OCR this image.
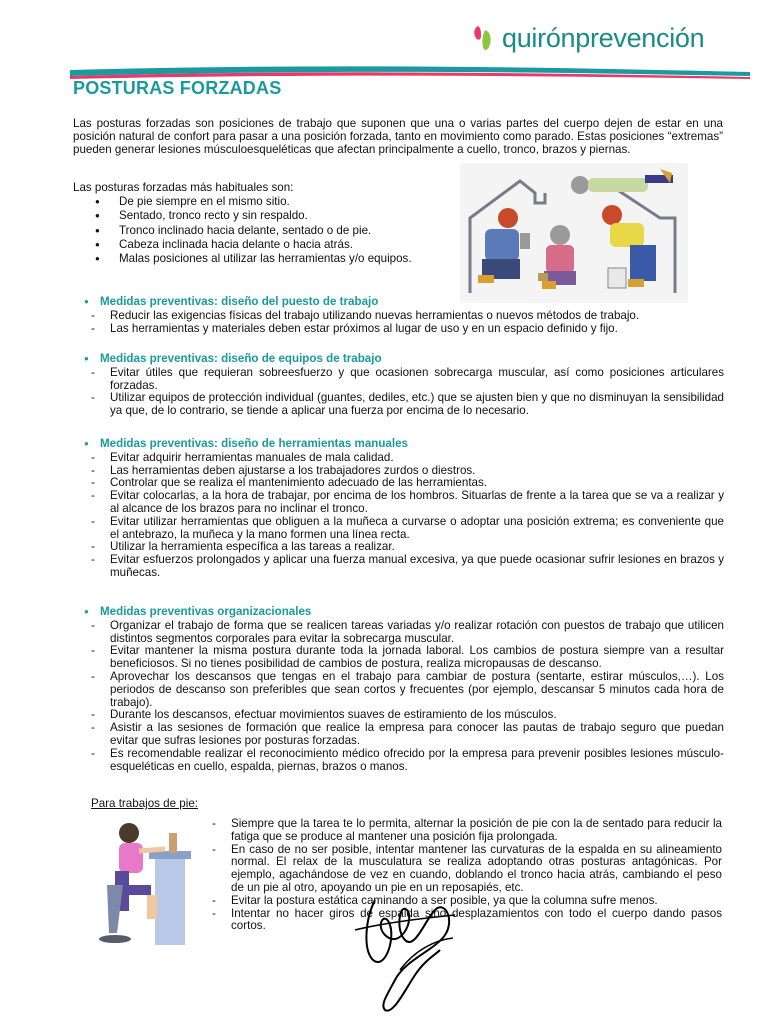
quirónprevención
POSTURAS FORZADAS
Las posturas forzadas son posiciones de trabajo que suponen que una o varias partes del cuerpo dejen de estar en una posición natural de confort para pasar a una posición forzada, tanto en movimiento como parado. Estas posiciones “extremas” pueden generar lesiones músculoesqueléticas que afectan principalmente a cuello, tronco, brazos y piernas.
Las posturas forzadas más habituales son:
● De pie siempre en el mismo sitio.
● Sentado, tronco recto y sin respaldo.
● Tronco inclinado hacia delante, sentado o de pie.
● Cabeza inclinada hacia delante o hacia atrás.
● Malas posiciones al utilizar las herramientas y/o equipos.
● Medidas preventivas: diseño del puesto de trabajo
- Reducir las exigencias físicas del trabajo utilizando nuevas herramientas o nuevos métodos de trabajo.
- Las herramientas y materiales deben estar próximos al lugar de uso y en un espacio definido y fijo.
● Medidas preventivas: diseño de equipos de trabajo
- Evitar útiles que requieran sobreesfuerzo y que ocasionen sobrecarga muscular, así como posiciones articulares forzadas.
- Utilizar equipos de protección individual (guantes, dediles, etc.) que se ajusten bien y que no disminuyan la sensibilidad ya que, de lo contrario, se tiende a aplicar una fuerza por encima de lo necesario.
● Medidas preventivas: diseño de herramientas manuales
- Evitar adquirir herramientas manuales de mala calidad.
- Las herramientas deben ajustarse a los trabajadores zurdos o diestros.
- Controlar que se realiza el mantenimiento adecuado de las herramientas.
- Evitar colocarlas, a la hora de trabajar, por encima de los hombros. Situarlas de frente a la tarea que se va a realizar y al alcance de los brazos para no inclinar el tronco.
- Evitar utilizar herramientas que obliguen a la muñeca a curvarse o adoptar una posición extrema; es conveniente que el antebrazo, la muñeca y la mano formen una línea recta.
- Utilizar la herramienta específica a las tareas a realizar.
- Evitar esfuerzos prolongados y aplicar una fuerza manual excesiva, ya que puede ocasionar sufrir lesiones en brazos y muñecas.
● Medidas preventivas organizacionales
- Organizar el trabajo de forma que se realicen tareas variadas y/o realizar rotación con puestos de trabajo que utilicen distintos segmentos corporales para evitar la sobrecarga muscular.
- Evitar mantener la misma postura durante toda la jornada laboral. Los cambios de postura siempre van a resultar beneficiosos. Si no tienes posibilidad de cambios de postura, realiza micropausas de descanso.
- Aprovechar los descansos que tengas en el trabajo para cambiar de postura (sentarte, estirar músculos,…). Los periodos de descanso son preferibles que sean cortos y frecuentes (por ejemplo, descansar 5 minutos cada hora de trabajo).
- Durante los descansos, efectuar movimientos suaves de estiramiento de los músculos.
- Asistir a las sesiones de formación que realice la empresa para conocer las pautas de trabajo seguro que puedan evitar que sufras lesiones por posturas forzadas.
- Es recomendable realizar el reconocimiento médico ofrecido por la empresa para prevenir posibles lesiones músculo-esqueléticas en cuello, espalda, piernas, brazos o manos.
Para trabajos de pie:
- Siempre que la tarea te lo permita, alternar la posición de pie con la de sentado para reducir la fatiga que se produce al mantener una posición fija prolongada.
- En caso de no ser posible, intentar mantener las curvaturas de la espalda en su alineamiento normal. El relax de la musculatura se realiza adoptando otras posturas antagónicas. Por ejemplo, agachándose de vez en cuando, doblando el tronco hacia atrás, cambiando el peso de un pie al otro, apoyando un pie en un reposapiés, etc.
- Evitar la postura estática caminando a ser posible, ya que la columna sufre menos.
- Intentar no hacer giros de espalda sino desplazamientos con todo el cuerpo dando pasos cortos.
